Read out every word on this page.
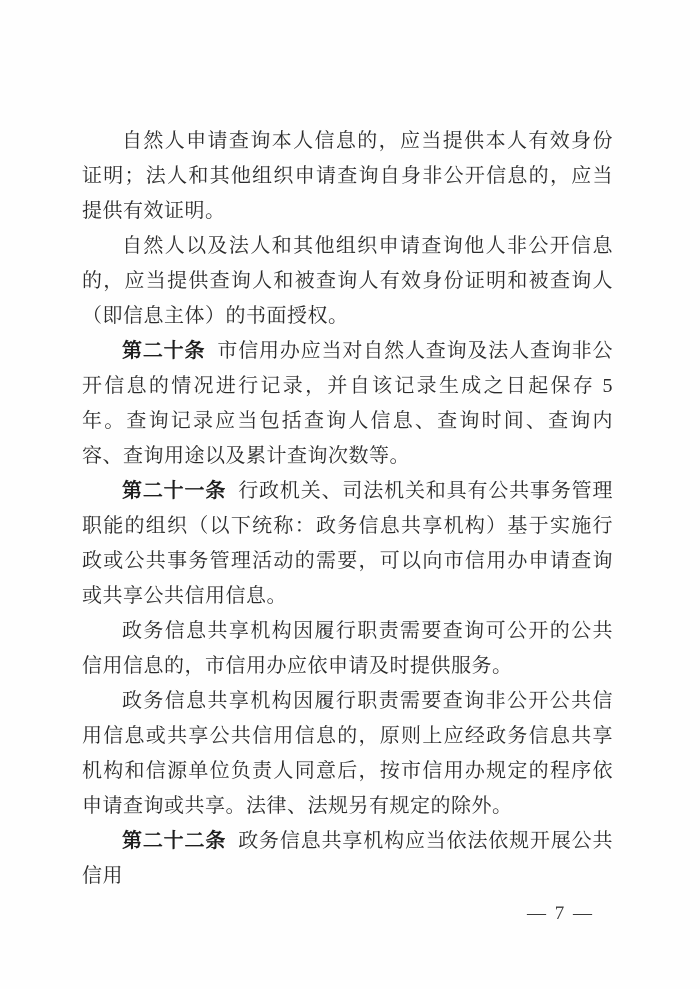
自然人申请查询本人信息的，应当提供本人有效身份证明；法人和其他组织申请查询自身非公开信息的，应当提供有效证明。

自然人以及法人和其他组织申请查询他人非公开信息的，应当提供查询人和被查询人有效身份证明和被查询人（即信息主体）的书面授权。

第二十条 市信用办应当对自然人查询及法人查询非公开信息的情况进行记录，并自该记录生成之日起保存 5 年。查询记录应当包括查询人信息、查询时间、查询内容、查询用途以及累计查询次数等。

第二十一条 行政机关、司法机关和具有公共事务管理职能的组织（以下统称：政务信息共享机构）基于实施行政或公共事务管理活动的需要，可以向市信用办申请查询或共享公共信用信息。

政务信息共享机构因履行职责需要查询可公开的公共信用信息的，市信用办应依申请及时提供服务。

政务信息共享机构因履行职责需要查询非公开公共信用信息或共享公共信用信息的，原则上应经政务信息共享机构和信源单位负责人同意后，按市信用办规定的程序依申请查询或共享。法律、法规另有规定的除外。

第二十二条 政务信息共享机构应当依法依规开展公共信用

— 7 —
